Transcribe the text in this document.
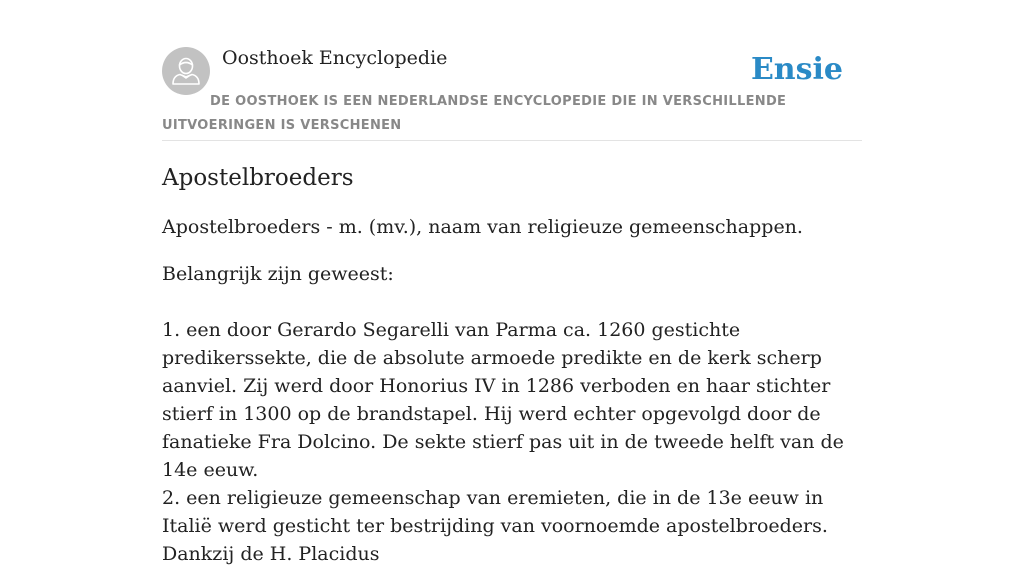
Oosthoek Encyclopedie	Ensie

DE OOSTHOEK IS EEN NEDERLANDSE ENCYCLOPEDIE DIE IN VERSCHILLENDE UITVOERINGEN IS VERSCHENEN

Apostelbroeders

Apostelbroeders - m. (mv.), naam van religieuze gemeenschappen.

Belangrijk zijn geweest:

1. een door Gerardo Segarelli van Parma ca. 1260 gestichte predikerssekte, die de absolute armoede predikte en de kerk scherp aanviel. Zij werd door Honorius IV in 1286 verboden en haar stichter stierf in 1300 op de brandstapel. Hij werd echter opgevolgd door de fanatieke Fra Dolcino. De sekte stierf pas uit in de tweede helft van de 14e eeuw.

2. een religieuze gemeenschap van eremieten, die in de 13e eeuw in Italië werd gesticht ter bestrijding van voornoemde apostelbroeders. Dankzij de H. Placidus
